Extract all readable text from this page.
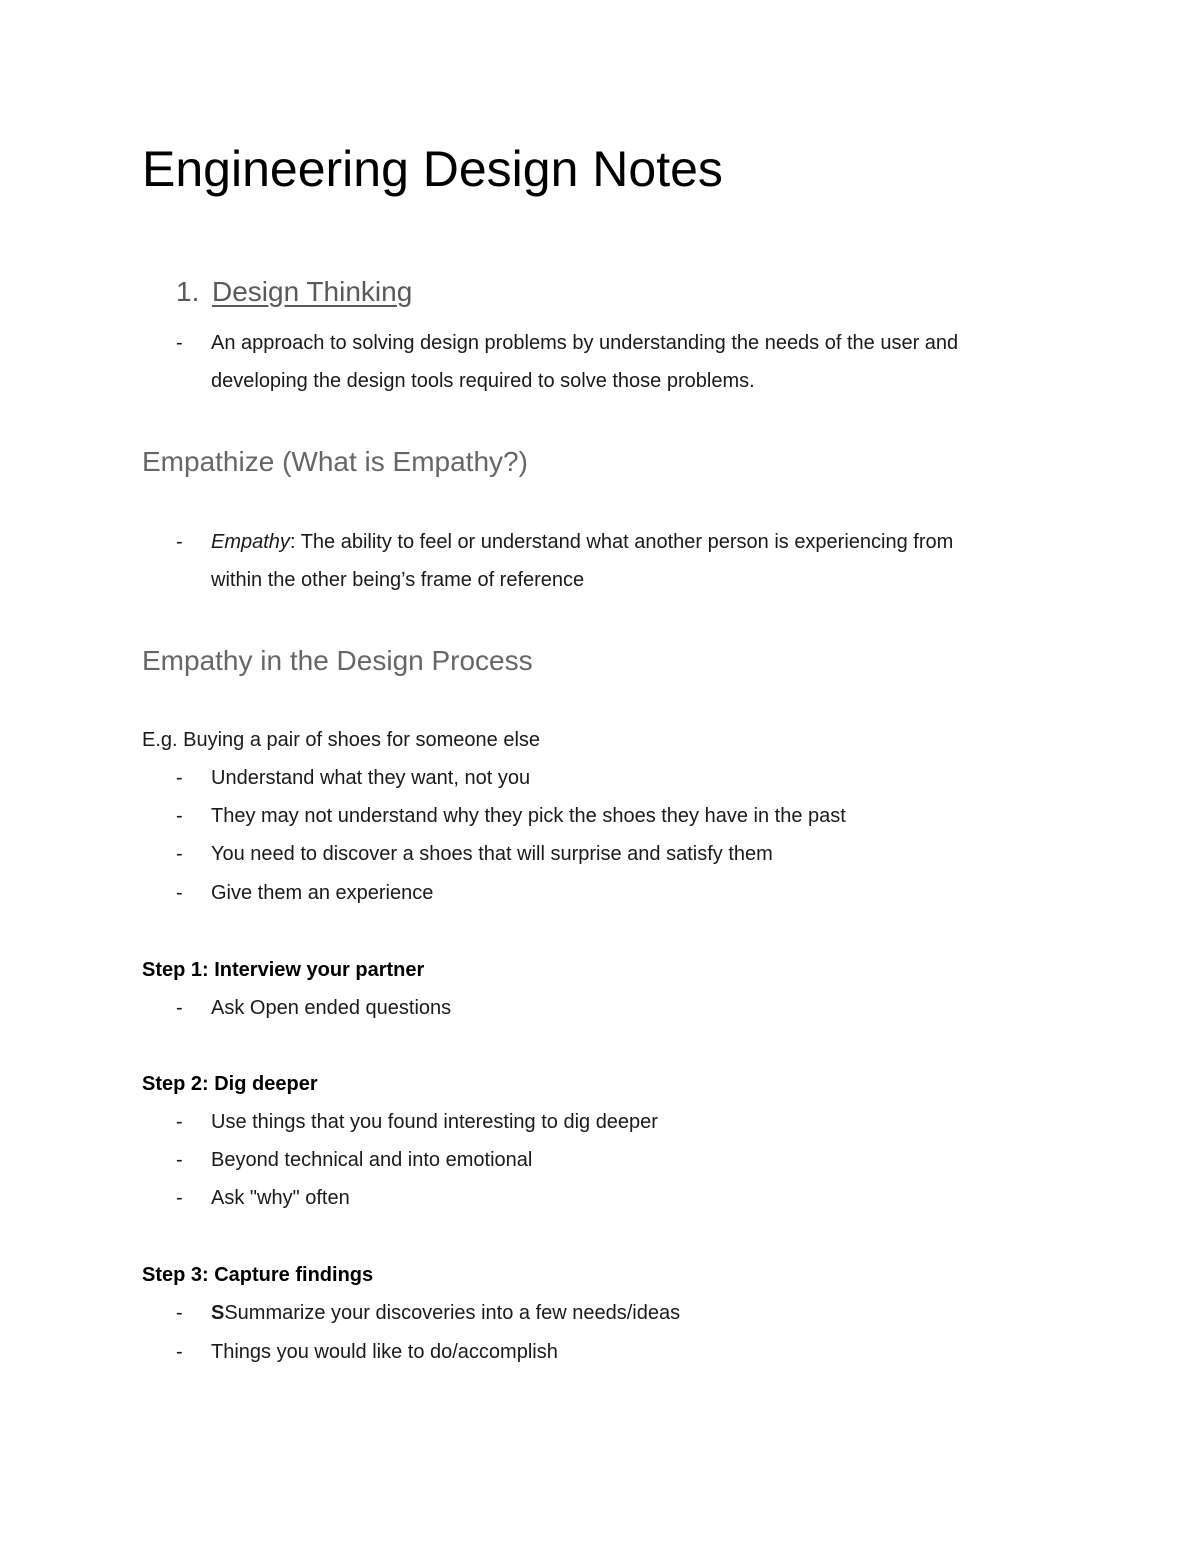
Engineering Design Notes
1. Design Thinking
- An approach to solving design problems by understanding the needs of the user and
developing the design tools required to solve those problems.
Empathize (What is Empathy?)
- Empathy: The ability to feel or understand what another person is experiencing from
within the other being’s frame of reference
Empathy in the Design Process
E.g. Buying a pair of shoes for someone else
- Understand what they want, not you
- They may not understand why they pick the shoes they have in the past
- You need to discover a shoes that will surprise and satisfy them
- Give them an experience
Step 1: Interview your partner
- Ask Open ended questions
Step 2: Dig deeper
- Use things that you found interesting to dig deeper
- Beyond technical and into emotional
- Ask "why" often
Step 3: Capture findings
- SSummarize your discoveries into a few needs/ideas
- Things you would like to do/accomplish
